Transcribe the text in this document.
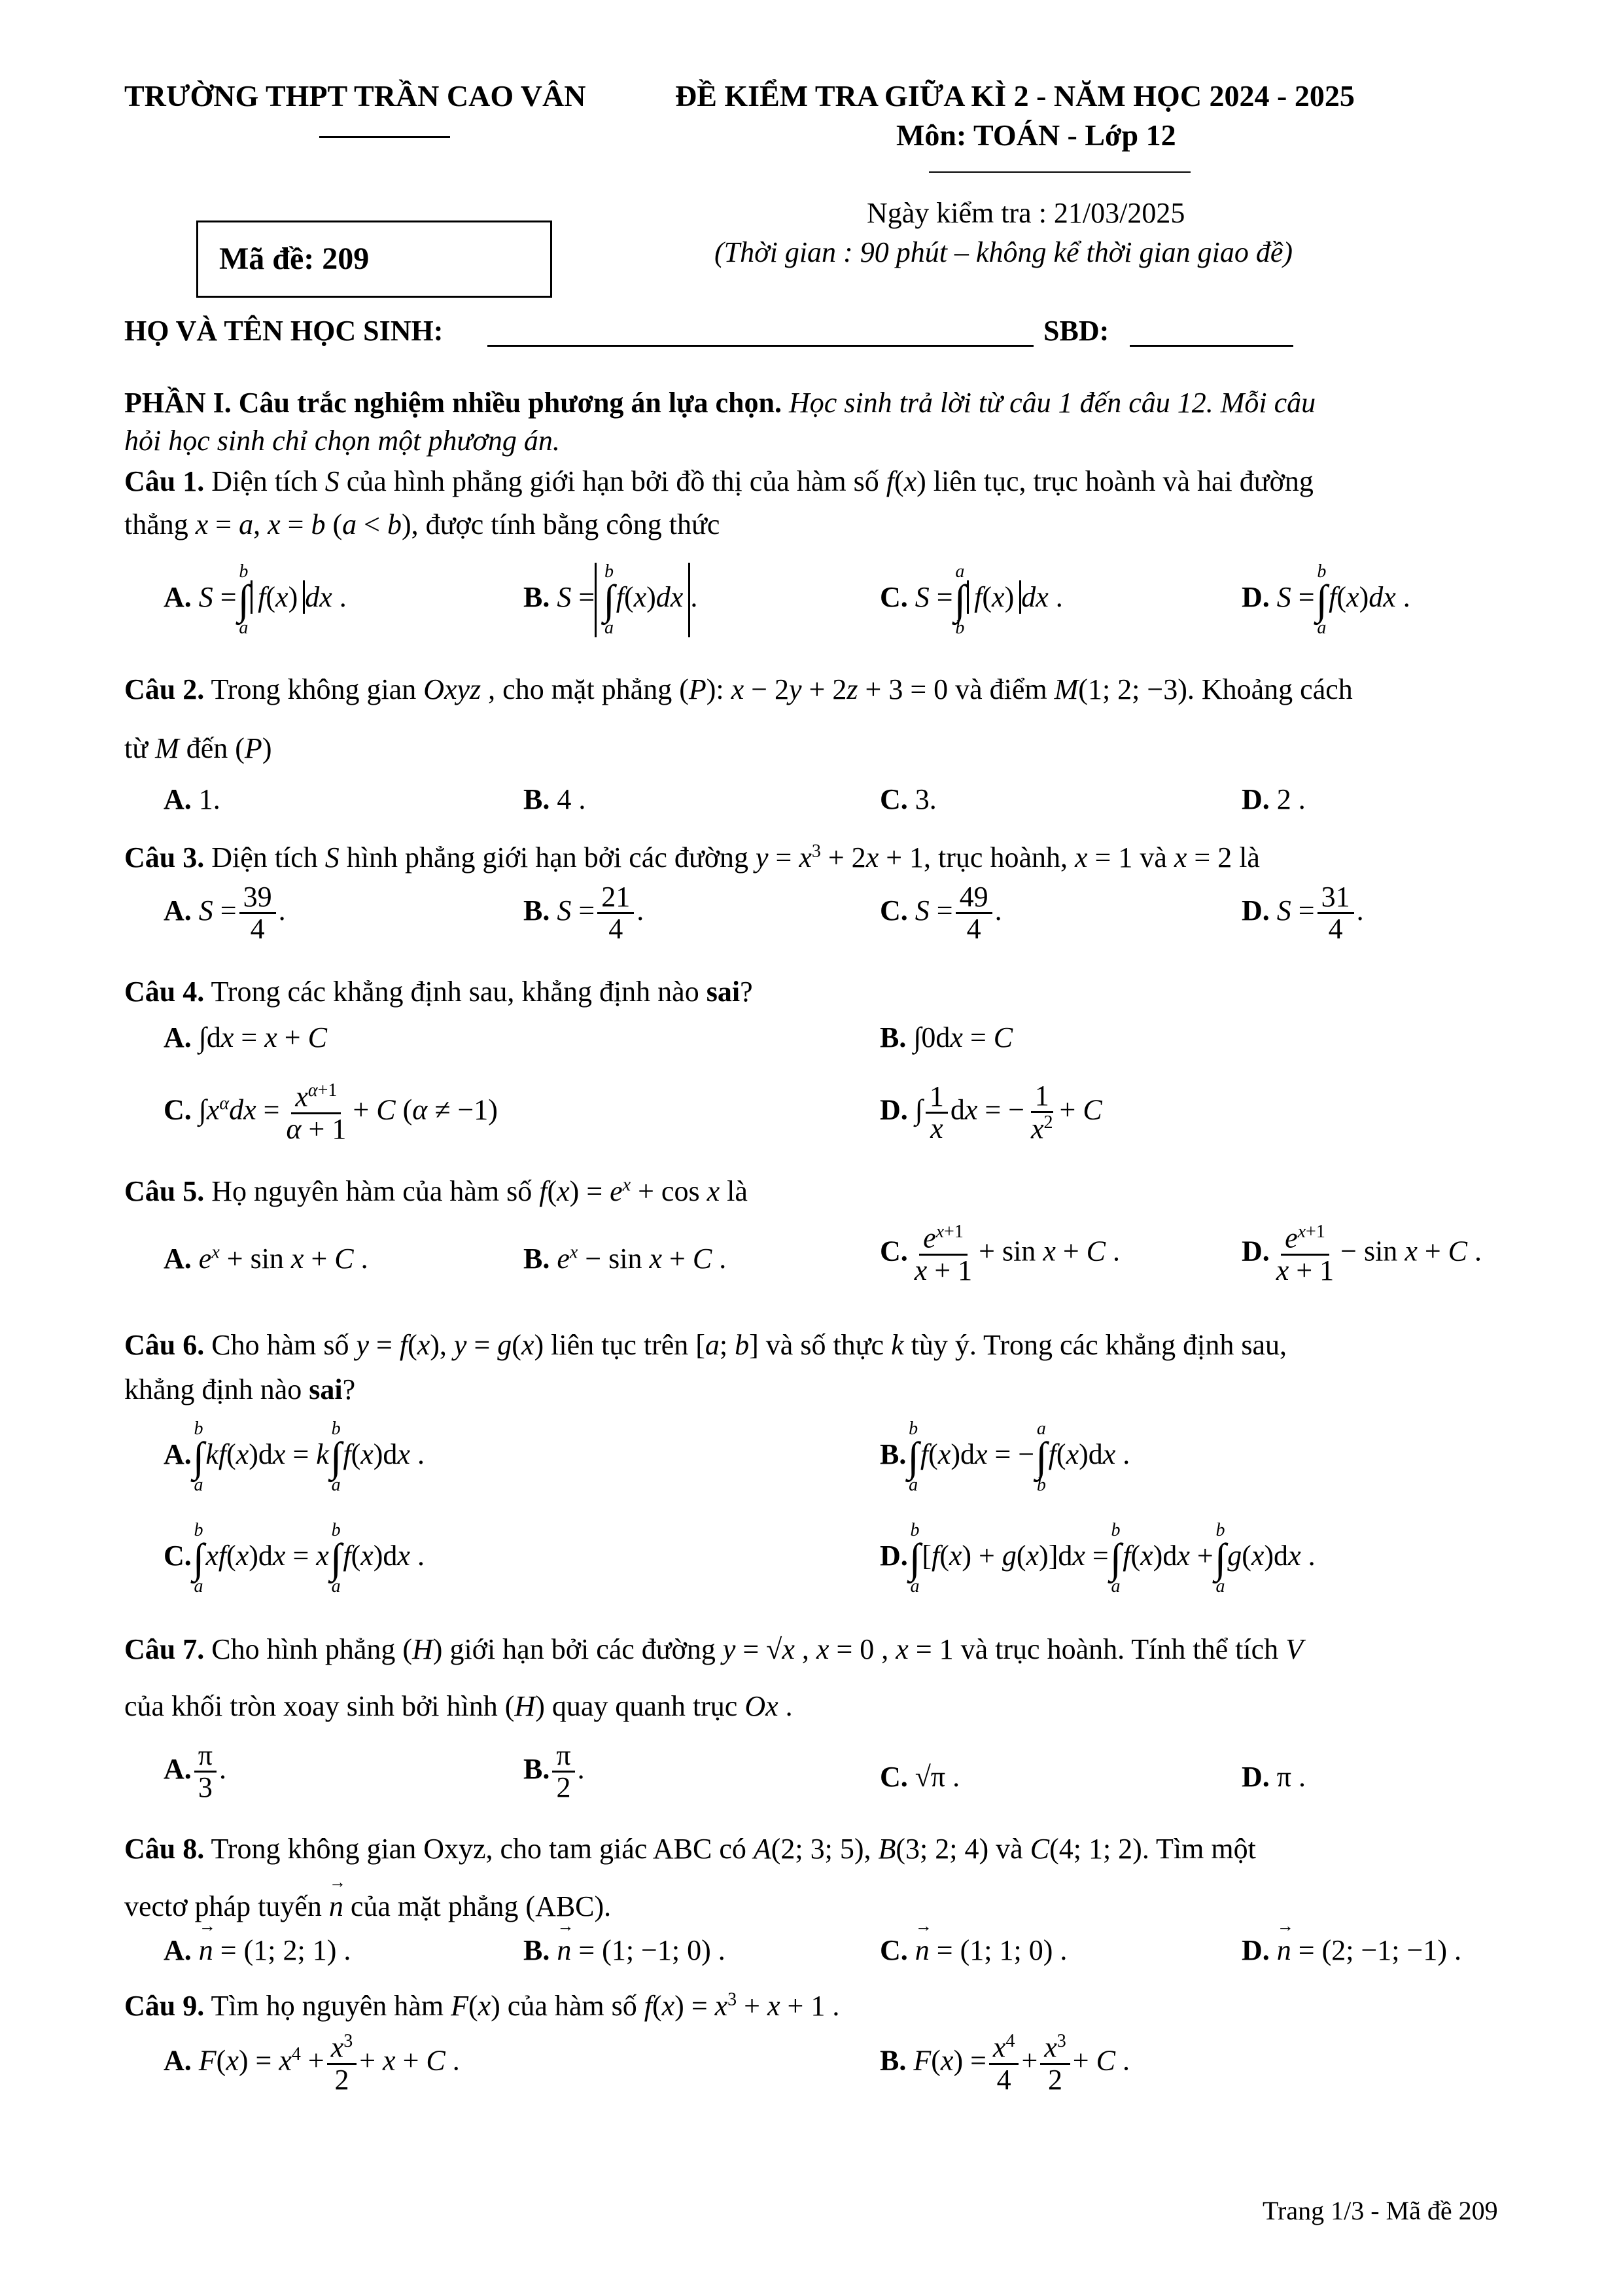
TRƯỜNG THPT TRẦN CAO VÂN	ĐỀ KIỂM TRA GIỮA KÌ 2 - NĂM HỌC 2024 - 2025
Môn: TOÁN - Lớp 12
Ngày kiểm tra : 21/03/2025
(Thời gian : 90 phút – không kể thời gian giao đề)
Mã đề: 209
HỌ VÀ TÊN HỌC SINH:	SBD:
PHẦN I. Câu trắc nghiệm nhiều phương án lựa chọn. Học sinh trả lời từ câu 1 đến câu 12. Mỗi câu
hỏi học sinh chỉ chọn một phương án.
Câu 1. Diện tích S của hình phẳng giới hạn bởi đồ thị của hàm số f(x) liên tục, trục hoành và hai đường
thẳng x = a, x = b (a < b), được tính bằng công thức
A. S =
b
∫
a
f(x) dx .	B. S =
b
∫
a
f(x)dx .	C. S =
a
∫
b
f(x) dx .	D. S =
b
∫
a
f(x)dx .
Câu 2. Trong không gian Oxyz , cho mặt phẳng (P): x − 2y + 2z + 3 = 0 và điểm M(1; 2; −3). Khoảng cách
từ M đến (P)
A. 1.	B. 4 .	C. 3.	D. 2 .
Câu 3. Diện tích S hình phẳng giới hạn bởi các đường $y = x^3 + 2x + 1$, trục hoành, x = 1 và x = 2 là
A. $S = \frac{39}{4}$ .	B. $S = \frac{21}{4}$ .	C. $S = \frac{49}{4}$ .	D. $S = \frac{31}{4}$ .
Câu 4. Trong các khẳng định sau, khẳng định nào sai?
A. ∫dx = x + C	B. ∫0dx = C
C. $\int x^\alpha dx = \frac{x^{\alpha+1}}{\alpha + 1} + C$ (α ≠ −1)	D. ∫ $\frac{1}{x}$ dx = − $\frac{1}{x^2} + C$
Câu 5. Họ nguyên hàm của hàm số $f(x) = e^x + \cos x$ là
A. $e^x + \sin x + C$ .	B. $e^x - \sin x + C$ .	C. $\frac{e^{x+1}}{x + 1} + \sin x + C$ .	D. $\frac{e^{x+1}}{x + 1} - \sin x + C$ .
Câu 6. Cho hàm số y = f(x), y = g(x) liên tục trên [a; b] và số thực k tùy ý. Trong các khẳng định sau,
khẳng định nào sai?
A.
b
∫
a
kf(x)dx = k
b
∫
a
f(x)dx .	B.
b
∫
a
f(x)dx = −
a
∫
b
f(x)dx .
C.
b
∫
a
xf(x)dx = x
b
∫
a
f(x)dx .	D.
b
∫
a
[f(x) + g(x)]dx =
b
∫
a
f(x)dx +
b
∫
a
g(x)dx .
Câu 7. Cho hình phẳng (H) giới hạn bởi các đường y = √x , x = 0 , x = 1 và trục hoành. Tính thể tích V
của khối tròn xoay sinh bởi hình (H) quay quanh trục Ox .
A. $\frac{\pi}{3}$ .	B. $\frac{\pi}{2}$ .	C. √π .	D. π .
Câu 8. Trong không gian Oxyz, cho tam giác ABC có A(2; 3; 5), B(3; 2; 4) và C(4; 1; 2). Tìm một
vectơ pháp tuyến → n của mặt phẳng (ABC).
A. → n = (1; 2; 1) .	B. → n = (1; −1; 0) .	C. → n = (1; 1; 0) .	D. → n = (2; −1; −1) .
Câu 9. Tìm họ nguyên hàm F(x) của hàm số $f(x) = x^3 + x + 1$ .
A. $F(x) = x^4 + \frac{x^3}{2} + x + C$ .	B. $F(x) = \frac{x^4}{4} + \frac{x^3}{2} + C$ .
Trang 1/3 - Mã đề 209
